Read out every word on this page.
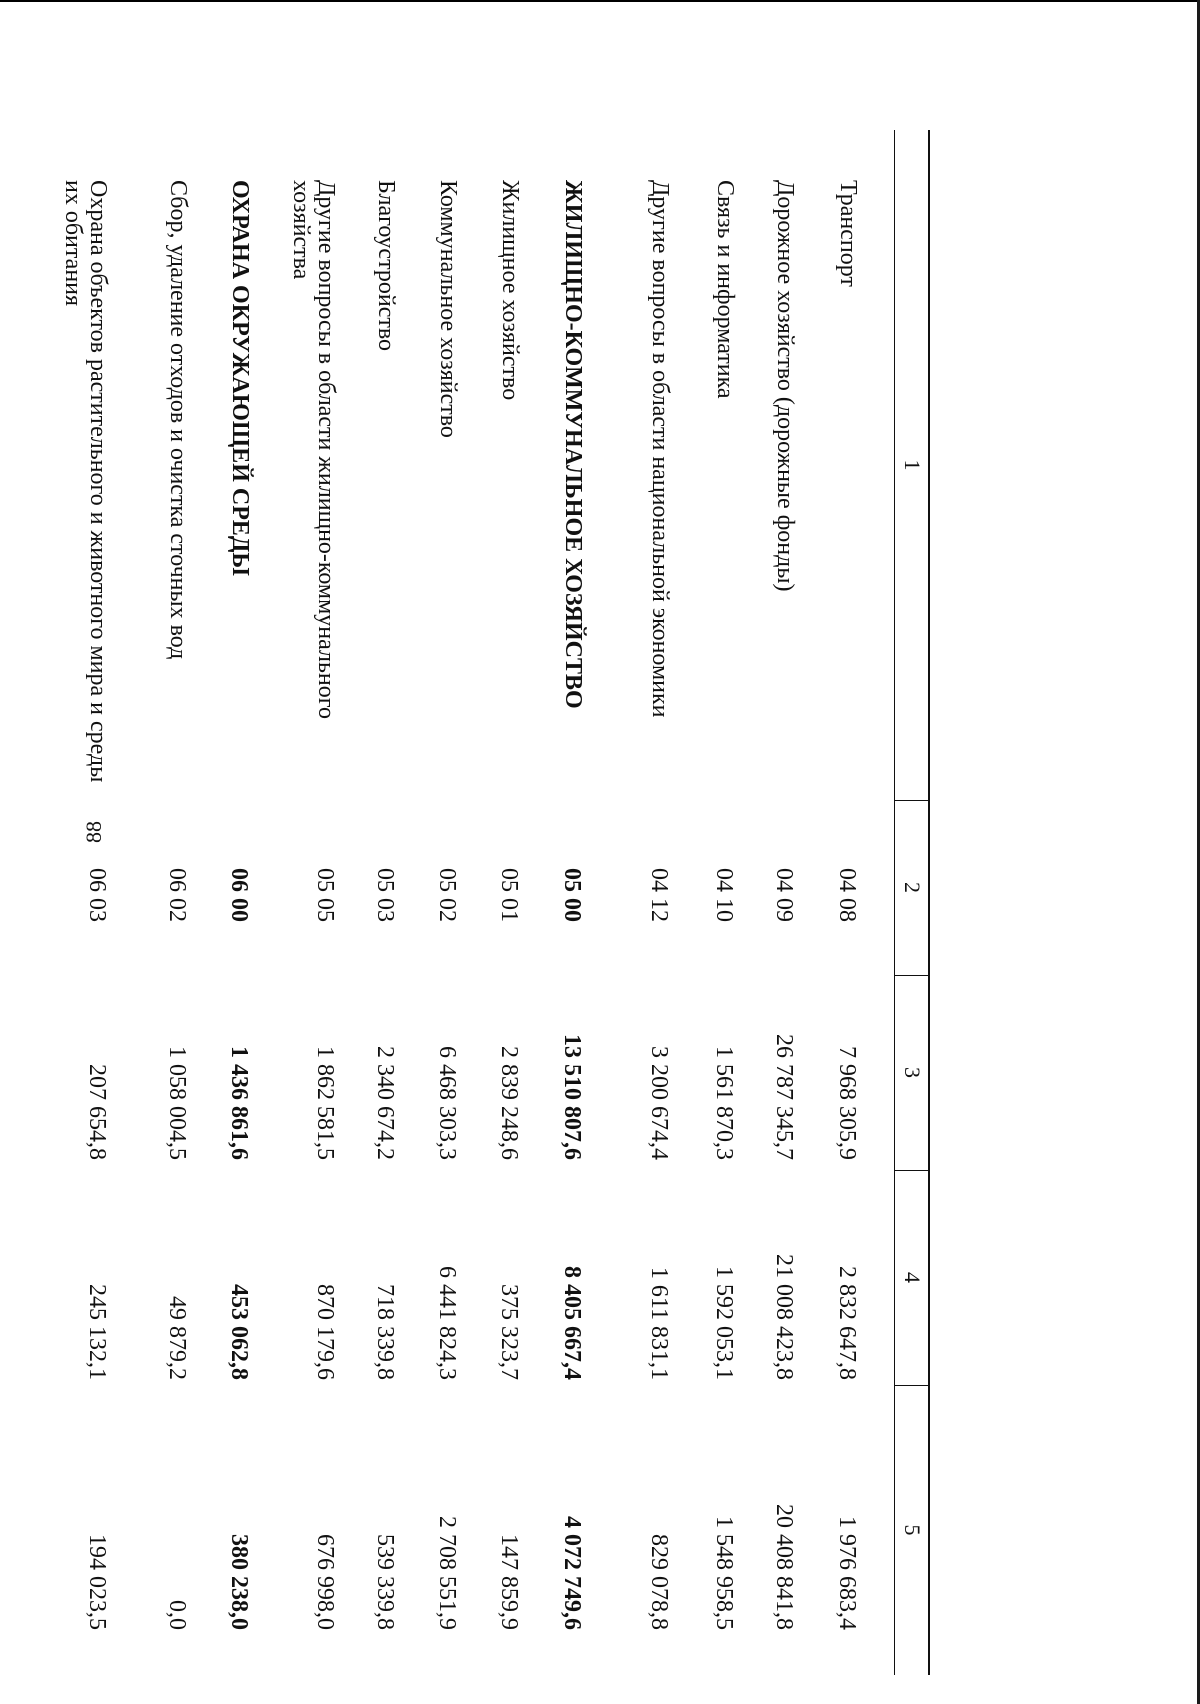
88
1
2
3
4
5
Транспорт
04 08
7 968 305,9
2 832 647,8
1 976 683,4
Дорожное хозяйство (дорожные фонды)
04 09
26 787 345,7
21 008 423,8
20 408 841,8
Связь и информатика
04 10
1 561 870,3
1 592 053,1
1 548 958,5
Другие вопросы в области национальной экономики
04 12
3 200 674,4
1 611 831,1
829 078,8
ЖИЛИЩНО-КОММУНАЛЬНОЕ ХОЗЯЙСТВО
05 00
13 510 807,6
8 405 667,4
4 072 749,6
Жилищное хозяйство
05 01
2 839 248,6
375 323,7
147 859,9
Коммунальное хозяйство
05 02
6 468 303,3
6 441 824,3
2 708 551,9
Благоустройство
05 03
2 340 674,2
718 339,8
539 339,8
Другие вопросы в области жилищно-коммунального хозяйства
05 05
1 862 581,5
870 179,6
676 998,0
ОХРАНА ОКРУЖАЮЩЕЙ СРЕДЫ
06 00
1 436 861,6
453 062,8
380 238,0
Сбор, удаление отходов и очистка сточных вод
06 02
1 058 004,5
49 879,2
0,0
Охрана объектов растительного и животного мира и среды их обитания
06 03
207 654,8
245 132,1
194 023,5
